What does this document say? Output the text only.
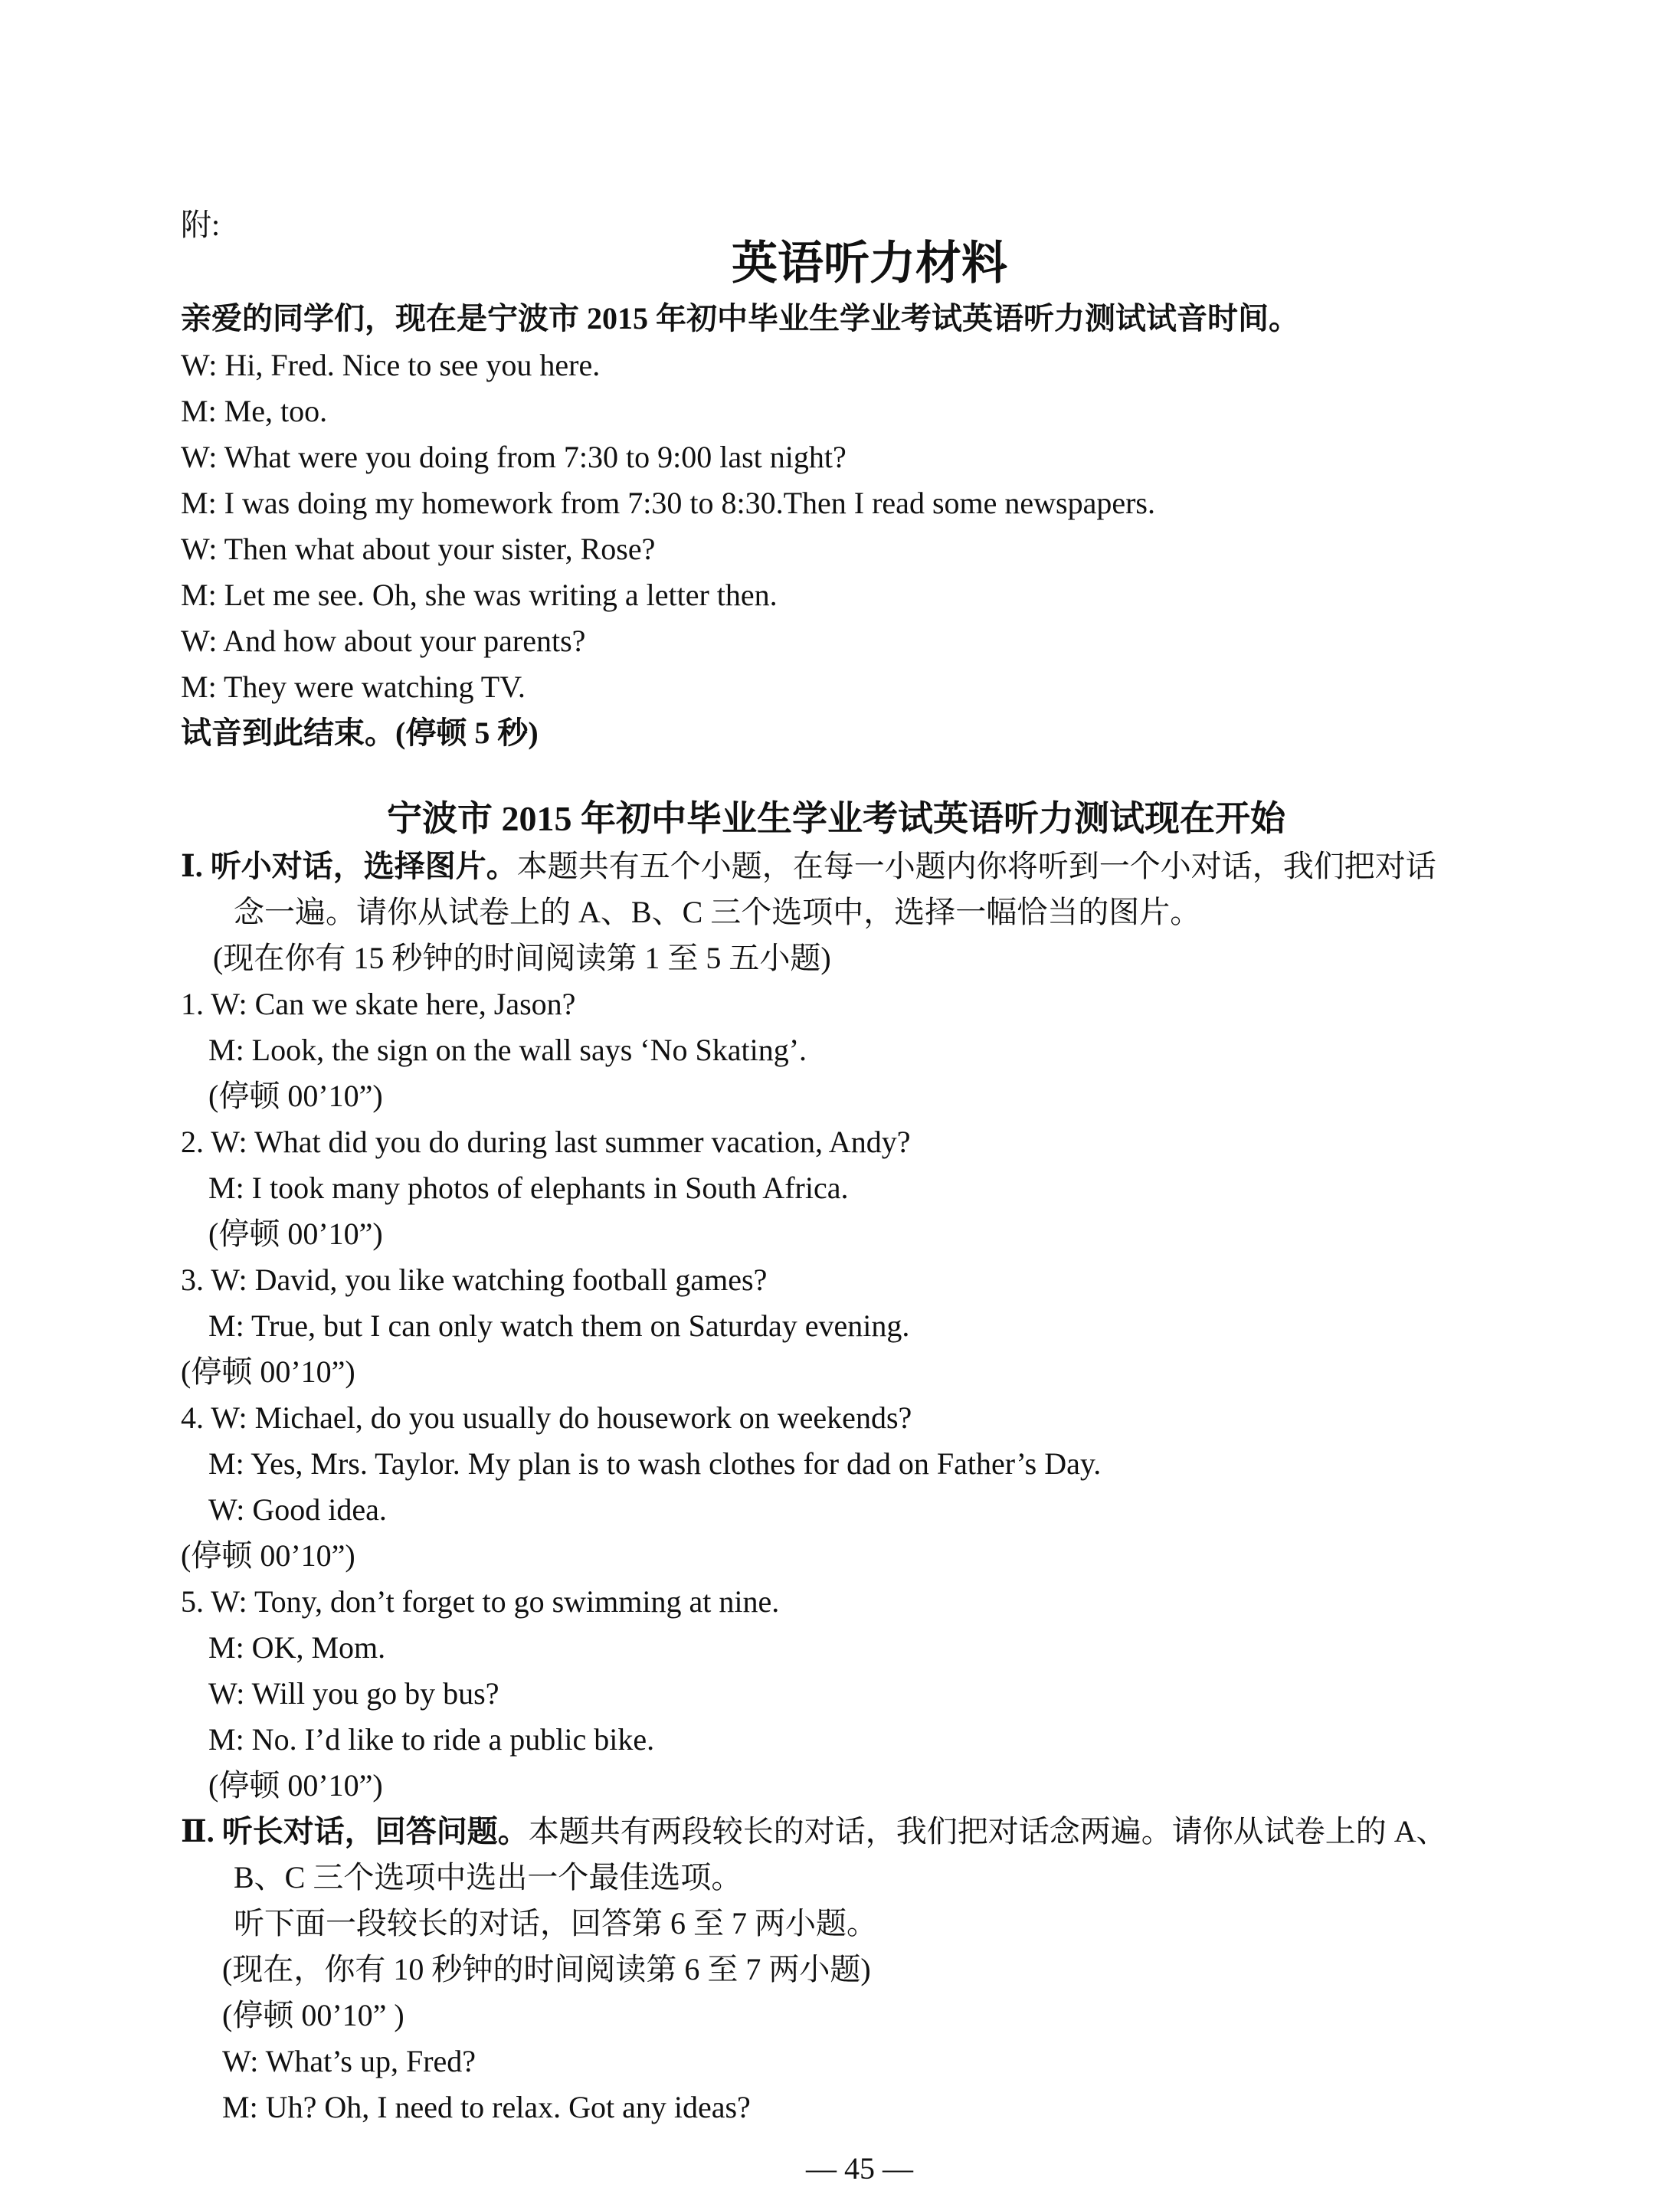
附:
英语听力材料
亲爱的同学们，现在是宁波市 2015 年初中毕业生学业考试英语听力测试试音时间。
W: Hi, Fred. Nice to see you here.
M: Me, too.
W: What were you doing from 7:30 to 9:00 last night?
M: I was doing my homework from 7:30 to 8:30.Then I read some newspapers.
W: Then what about your sister, Rose?
M: Let me see. Oh, she was writing a letter then.
W: And how about your parents?
M: They were watching TV.
试音到此结束。(停顿 5 秒)
宁波市 2015 年初中毕业生学业考试英语听力测试现在开始
Ⅰ. 听小对话，选择图片。本题共有五个小题，在每一小题内你将听到一个小对话，我们把对话
念一遍。请你从试卷上的 A、B、C 三个选项中，选择一幅恰当的图片。
(现在你有 15 秒钟的时间阅读第 1 至 5 五小题)
1. W: Can we skate here, Jason?
M: Look, the sign on the wall says ‘No Skating’.
(停顿 00’10”)
2. W: What did you do during last summer vacation, Andy?
M: I took many photos of elephants in South Africa.
(停顿 00’10”)
3. W: David, you like watching football games?
M: True, but I can only watch them on Saturday evening.
(停顿 00’10”)
4. W: Michael, do you usually do housework on weekends?
M: Yes, Mrs. Taylor. My plan is to wash clothes for dad on Father’s Day.
W: Good idea.
(停顿 00’10”)
5. W: Tony, don’t forget to go swimming at nine.
M: OK, Mom.
W: Will you go by bus?
M: No. I’d like to ride a public bike.
(停顿 00’10”)
Ⅱ. 听长对话，回答问题。本题共有两段较长的对话，我们把对话念两遍。请你从试卷上的 A、
B、C 三个选项中选出一个最佳选项。
听下面一段较长的对话，回答第 6 至 7 两小题。
(现在，你有 10 秒钟的时间阅读第 6 至 7 两小题)
(停顿 00’10” )
W: What’s up, Fred?
M: Uh? Oh, I need to relax. Got any ideas?
— 45 —
